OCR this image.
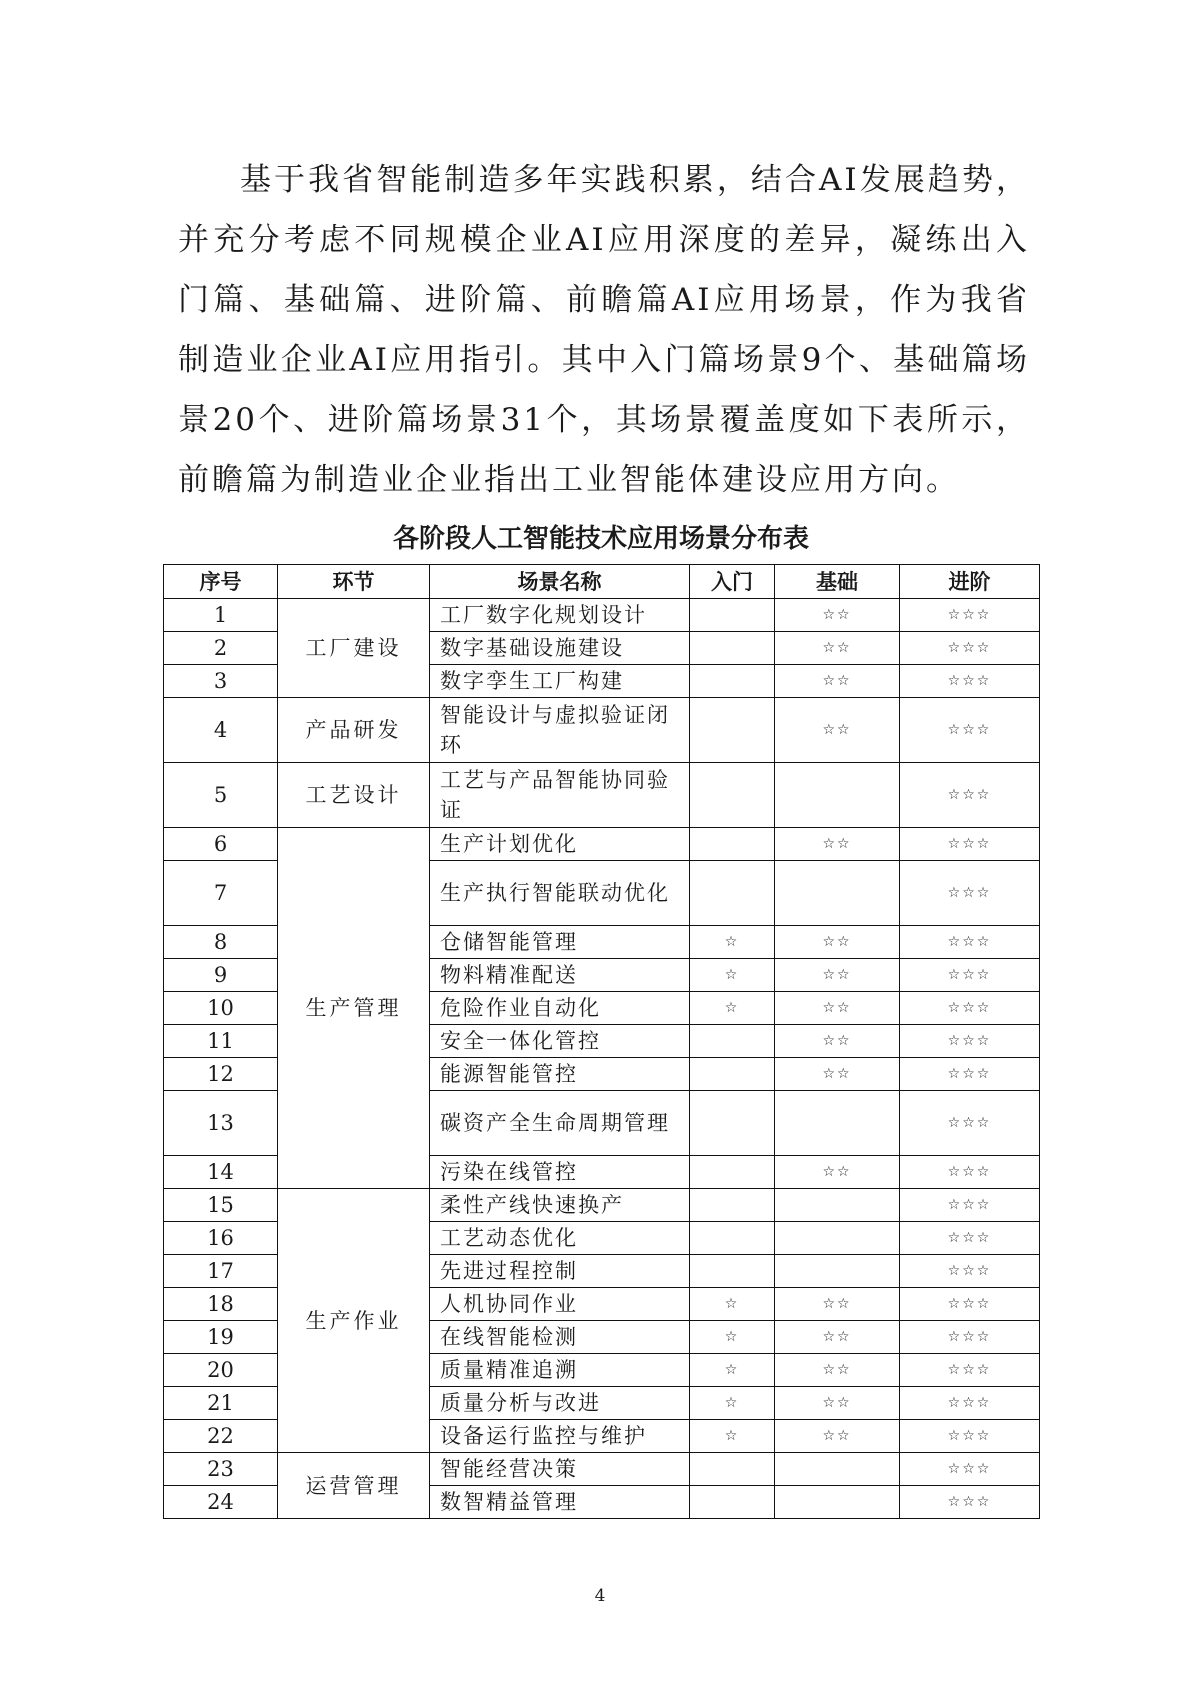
基于我省智能制造多年实践积累，结合AI发展趋势，并充分考虑不同规模企业AI应用深度的差异，凝练出入门篇、基础篇、进阶篇、前瞻篇AI应用场景，作为我省制造业企业AI应用指引。其中入门篇场景9个、基础篇场景20个、进阶篇场景31个，其场景覆盖度如下表所示，前瞻篇为制造业企业指出工业智能体建设应用方向。

各阶段人工智能技术应用场景分布表

序号	环节	场景名称	入门	基础	进阶
1	工厂建设	工厂数字化规划设计		☆☆	☆☆☆
2		数字基础设施建设		☆☆	☆☆☆
3		数字孪生工厂构建		☆☆	☆☆☆
4	产品研发	智能设计与虚拟验证闭环		☆☆	☆☆☆
5	工艺设计	工艺与产品智能协同验证			☆☆☆
6	生产管理	生产计划优化		☆☆	☆☆☆
7		生产执行智能联动优化			☆☆☆
8		仓储智能管理	☆	☆☆	☆☆☆
9		物料精准配送	☆	☆☆	☆☆☆
10		危险作业自动化	☆	☆☆	☆☆☆
11		安全一体化管控		☆☆	☆☆☆
12		能源智能管控		☆☆	☆☆☆
13		碳资产全生命周期管理			☆☆☆
14		污染在线管控		☆☆	☆☆☆
15	生产作业	柔性产线快速换产			☆☆☆
16		工艺动态优化			☆☆☆
17		先进过程控制			☆☆☆
18		人机协同作业	☆	☆☆	☆☆☆
19		在线智能检测	☆	☆☆	☆☆☆
20		质量精准追溯	☆	☆☆	☆☆☆
21		质量分析与改进	☆	☆☆	☆☆☆
22		设备运行监控与维护	☆	☆☆	☆☆☆
23	运营管理	智能经营决策			☆☆☆
24		数智精益管理			☆☆☆

4
